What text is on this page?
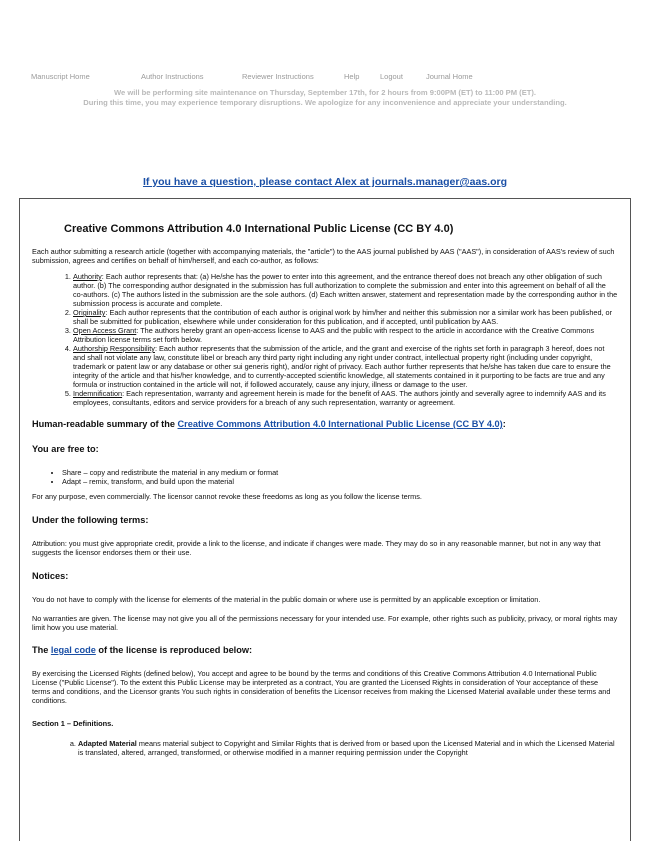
Manuscript Home	Author Instructions	Reviewer Instructions	Help	Logout	Journal Home
We will be performing site maintenance on Thursday, September 17th, for 2 hours from 9:00PM (ET) to 11:00 PM (ET).
During this time, you may experience temporary disruptions. We apologize for any inconvenience and appreciate your understanding.
If you have a question, please contact Alex at journals.manager@aas.org
Creative Commons Attribution 4.0 International Public License (CC BY 4.0)

Each author submitting a research article (together with accompanying materials, the "article") to the AAS journal published by AAS ("AAS"), in consideration of AAS's review of such submission, agrees and certifies on behalf of him/herself, and each co-author, as follows:

1. Authority: Each author represents that: (a) He/she has the power to enter into this agreement, and the entrance thereof does not breach any other obligation of such author. (b) The corresponding author designated in the submission has full authorization to complete the submission and enter into this agreement on behalf of all the co-authors. (c) The authors listed in the submission are the sole authors. (d) Each written answer, statement and representation made by the corresponding author in the submission process is accurate and complete.
2. Originality: Each author represents that the contribution of each author is original work by him/her and neither this submission nor a similar work has been published, or shall be submitted for publication, elsewhere while under consideration for this publication, and if accepted, until publication by AAS.
3. Open Access Grant: The authors hereby grant an open-access license to AAS and the public with respect to the article in accordance with the Creative Commons Attribution license terms set forth below.
4. Authorship Responsibility: Each author represents that the submission of the article, and the grant and exercise of the rights set forth in paragraph 3 hereof, does not and shall not violate any law, constitute libel or breach any third party right including any right under contract, intellectual property right (including under copyright, trademark or patent law or any database or other sui generis right), and/or right of privacy. Each author further represents that he/she has taken due care to ensure the integrity of the article and that his/her knowledge, and to currently-accepted scientific knowledge, all statements contained in it purporting to be facts are true and any formula or instruction contained in the article will not, if followed accurately, cause any injury, illness or damage to the user.
5. Indemnification: Each representation, warranty and agreement herein is made for the benefit of AAS. The authors jointly and severally agree to indemnify AAS and its employees, consultants, editors and service providers for a breach of any such representation, warranty or agreement.
Human-readable summary of the Creative Commons Attribution 4.0 International Public License (CC BY 4.0):
You are free to:
• Share – copy and redistribute the material in any medium or format
• Adapt – remix, transform, and build upon the material

For any purpose, even commercially. The licensor cannot revoke these freedoms as long as you follow the license terms.

Under the following terms:

Attribution: you must give appropriate credit, provide a link to the license, and indicate if changes were made. They may do so in any reasonable manner, but not in any way that suggests the licensor endorses them or their use.

Notices:

You do not have to comply with the license for elements of the material in the public domain or where use is permitted by an applicable exception or limitation.

No warranties are given. The license may not give you all of the permissions necessary for your intended use. For example, other rights such as publicity, privacy, or moral rights may limit how you use material.

The legal code of the license is reproduced below:

By exercising the Licensed Rights (defined below), You accept and agree to be bound by the terms and conditions of this Creative Commons Attribution 4.0 International Public License ("Public License"). To the extent this Public License may be interpreted as a contract, You are granted the Licensed Rights in consideration of Your acceptance of these terms and conditions, and the Licensor grants You such rights in consideration of benefits the Licensor receives from making the Licensed Material available under these terms and conditions.

Section 1 – Definitions.
a. Adapted Material means material subject to Copyright and Similar Rights that is derived from or based upon the Licensed Material and in which the Licensed Material is translated, altered, arranged, transformed, or otherwise modified in a manner requiring permission under the Copyright
